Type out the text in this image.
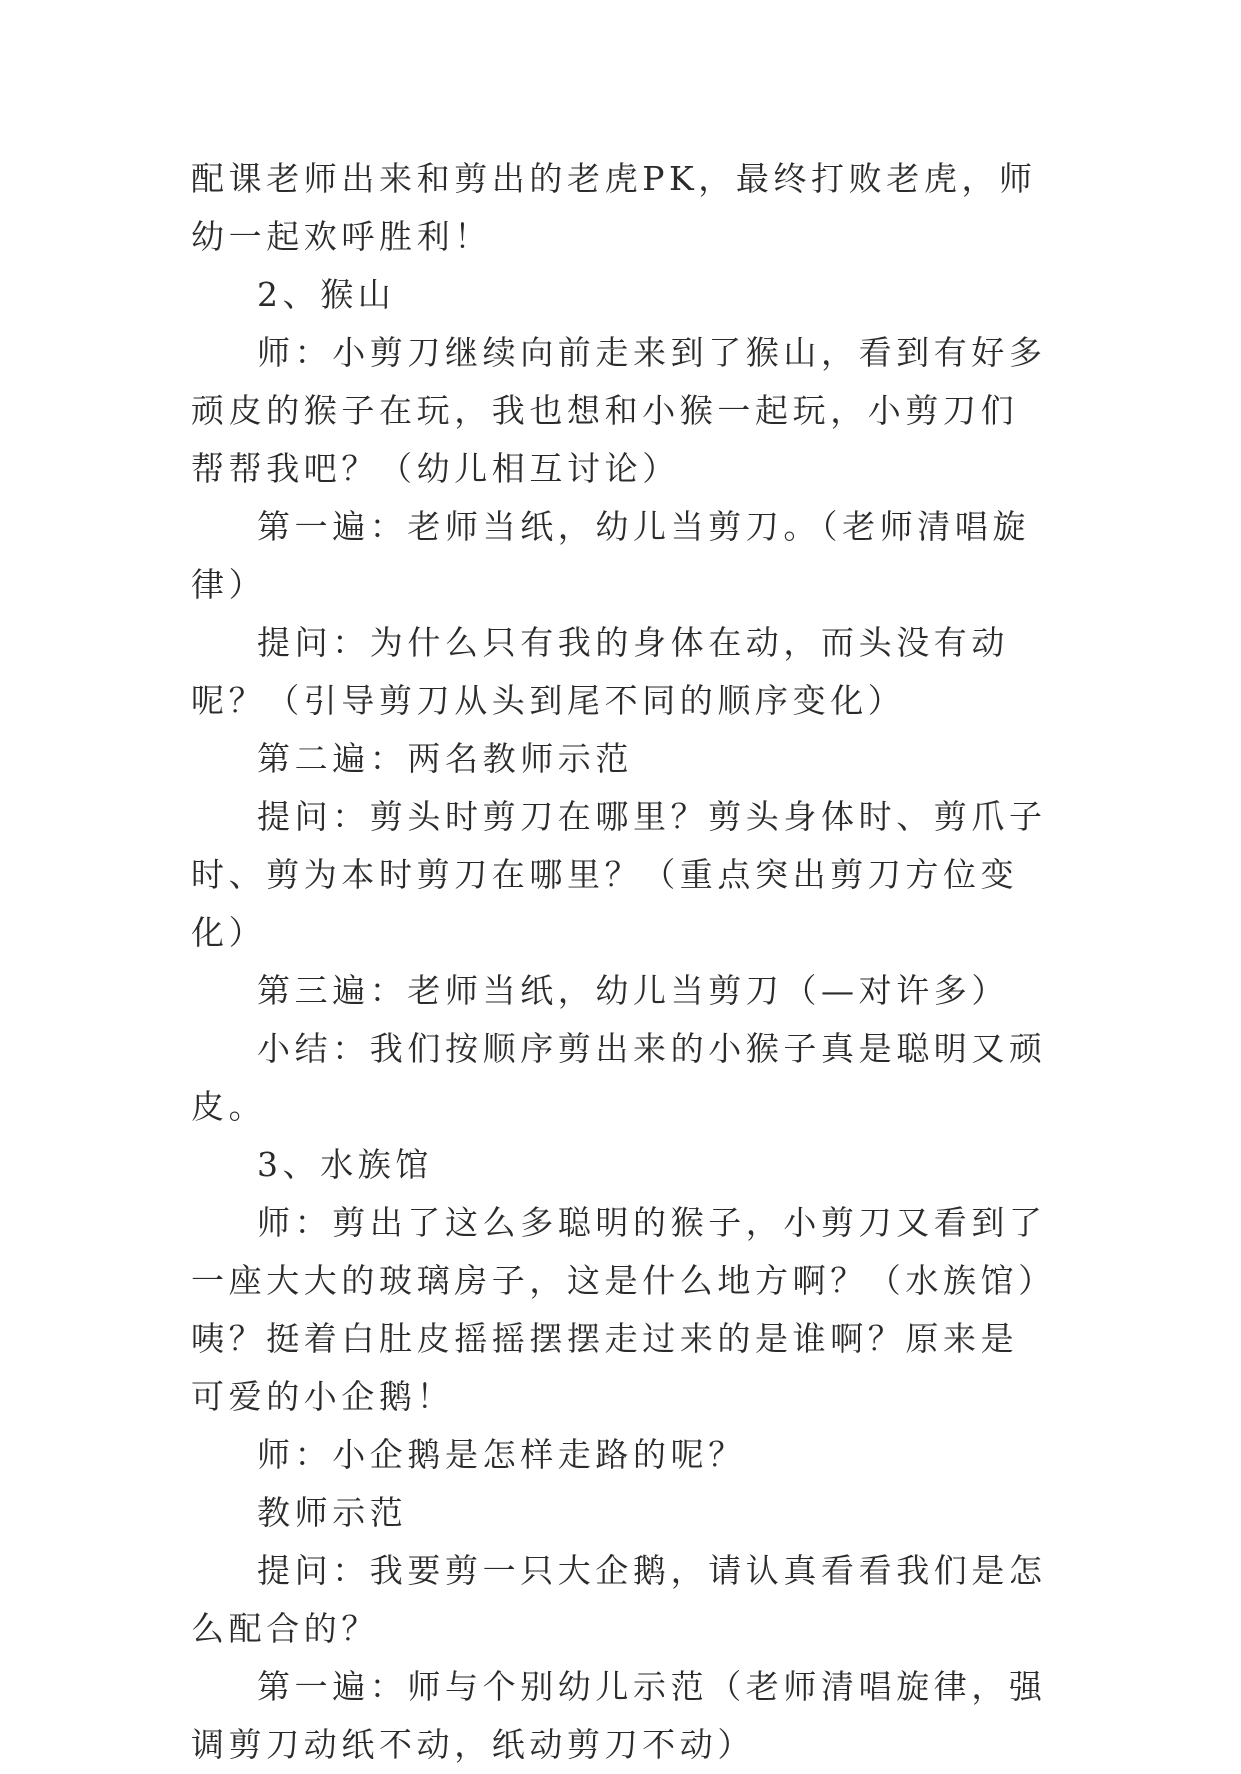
配课老师出来和剪出的老虎PK，最终打败老虎，师幼一起欢呼胜利！

2、猴山

师：小剪刀继续向前走来到了猴山，看到有好多顽皮的猴子在玩，我也想和小猴一起玩，小剪刀们帮帮我吧？（幼儿相互讨论）

第一遍：老师当纸，幼儿当剪刀。（老师清唱旋律）

提问：为什么只有我的身体在动，而头没有动呢？（引导剪刀从头到尾不同的顺序变化）

第二遍：两名教师示范

提问：剪头时剪刀在哪里？剪头身体时、剪爪子时、剪为本时剪刀在哪里？（重点突出剪刀方位变化）

第三遍：老师当纸，幼儿当剪刀（—对许多）

小结：我们按顺序剪出来的小猴子真是聪明又顽皮。

3、水族馆

师：剪出了这么多聪明的猴子，小剪刀又看到了一座大大的玻璃房子，这是什么地方啊？（水族馆）咦？挺着白肚皮摇摇摆摆走过来的是谁啊？原来是可爱的小企鹅！

师：小企鹅是怎样走路的呢？

教师示范

提问：我要剪一只大企鹅，请认真看看我们是怎么配合的？

第一遍：师与个别幼儿示范（老师清唱旋律，强调剪刀动纸不动，纸动剪刀不动）
